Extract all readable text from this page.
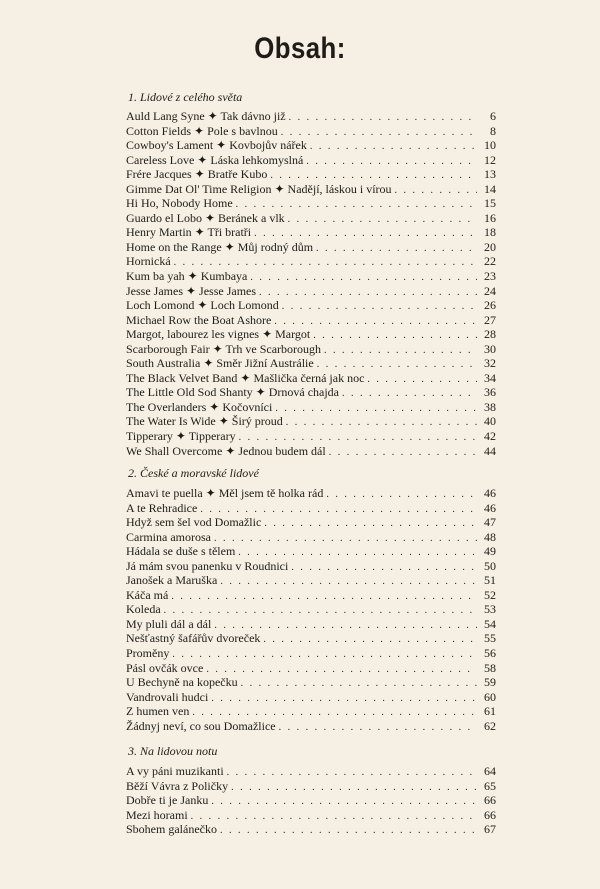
Obsah:
1. Lidové z celého světa
Auld Lang Syne ✦ Tak dávno již . . .	6
Cotton Fields ✦ Pole s bavlnou . . .	8
Cowboy's Lament ✦ Kovbojův nářek . . .	10
Careless Love ✦ Láska lehkomyslná . . .	12
Frére Jacques ✦ Bratře Kubo . . .	13
Gimme Dat Ol' Time Religion ✦ Nadějí, láskou i vírou . . .	14
Hi Ho, Nobody Home . . .	15
Guardo el Lobo ✦ Beránek a vlk . . .	16
Henry Martin ✦ Tři bratři . . .	18
Home on the Range ✦ Můj rodný dům . . .	20
Hornická . . .	22
Kum ba yah ✦ Kumbaya . . .	23
Jesse James ✦ Jesse James . . .	24
Loch Lomond ✦ Loch Lomond . . .	26
Michael Row the Boat Ashore . . .	27
Margot, labourez les vignes ✦ Margot . . .	28
Scarborough Fair ✦ Trh ve Scarborough . . .	30
South Australia ✦ Směr Jižní Austrálie . . .	32
The Black Velvet Band ✦ Mašlička černá jak noc . . .	34
The Little Old Sod Shanty ✦ Drnová chajda . . .	36
The Overlanders ✦ Kočovníci . . .	38
The Water Is Wide ✦ Širý proud . . .	40
Tipperary ✦ Tipperary . . .	42
We Shall Overcome ✦ Jednou budem dál . . .	44
2. České a moravské lidové
Amavi te puella ✦ Měl jsem tě holka rád . . .	46
A te Rehradice . . .	46
Hdyž sem šel vod Domažlic . . .	47
Carmina amorosa . . .	48
Hádala se duše s tělem . . .	49
Já mám svou panenku v Roudnici . . .	50
Janošek a Maruška . . .	51
Káča má . . .	52
Koleda . . .	53
My pluli dál a dál . . .	54
Nešťastný šafářův dvoreček . . .	55
Proměny . . .	56
Pásl ovčák ovce . . .	58
U Bechyně na kopečku . . .	59
Vandrovali hudci . . .	60
Z humen ven . . .	61
Žádnyj neví, co sou Domažlice . . .	62
3. Na lidovou notu
A vy páni muzikanti . . .	64
Běží Vávra z Poličky . . .	65
Dobře ti je Janku . . .	66
Mezi horami . . .	66
Sbohem galánečko . . .	67
